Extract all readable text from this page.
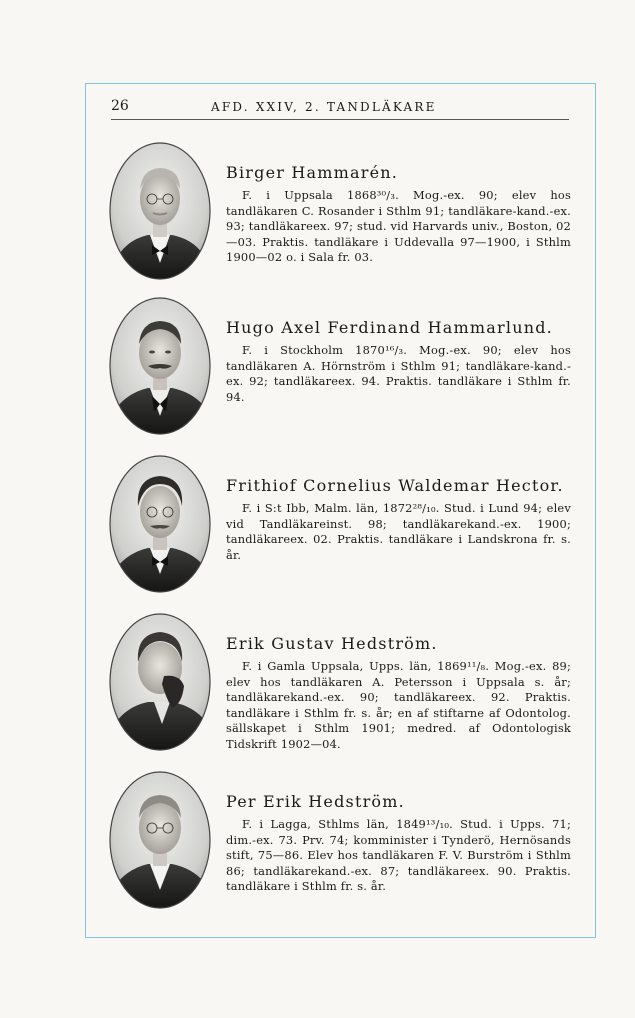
26	AFD. XXIV, 2. TANDLÄKARE
Birger Hammarén.

F. i Uppsala 1868³⁰/₃. Mog.-ex. 90; elev hos tandläkaren C. Rosander i Sthlm 91; tandläkare-kand.-ex. 93; tandläkareex. 97; stud. vid Harvards univ., Boston, 02—03. Praktis. tandläkare i Uddevalla 97—1900, i Sthlm 1900—02 o. i Sala fr. 03.

Hugo Axel Ferdinand Hammarlund.

F. i Stockholm 1870¹⁶/₃. Mog.-ex. 90; elev hos tandläkaren A. Hörnström i Sthlm 91; tandläkare-kand.-ex. 92; tandläkareex. 94. Praktis. tandläkare i Sthlm fr. 94.

Frithiof Cornelius Waldemar Hector.

F. i S:t Ibb, Malm. län, 1872²⁸/₁₀. Stud. i Lund 94; elev vid Tandläkareinst. 98; tandläkarekand.-ex. 1900; tandläkareex. 02. Praktis. tandläkare i Landskrona fr. s. år.

Erik Gustav Hedström.

F. i Gamla Uppsala, Upps. län, 1869¹¹/₈. Mog.-ex. 89; elev hos tandläkaren A. Petersson i Uppsala s. år; tandläkarekand.-ex. 90; tandläkareex. 92. Praktis. tandläkare i Sthlm fr. s. år; en af stiftarne af Odontolog. sällskapet i Sthlm 1901; medred. af Odontologisk Tidskrift 1902—04.

Per Erik Hedström.

F. i Lagga, Sthlms län, 1849¹³/₁₀. Stud. i Upps. 71; dim.-ex. 73. Prv. 74; komminister i Tynderö, Hernösands stift, 75—86. Elev hos tandläkaren F. V. Burström i Sthlm 86; tandläkarekand.-ex. 87; tandläkareex. 90. Praktis. tandläkare i Sthlm fr. s. år.
